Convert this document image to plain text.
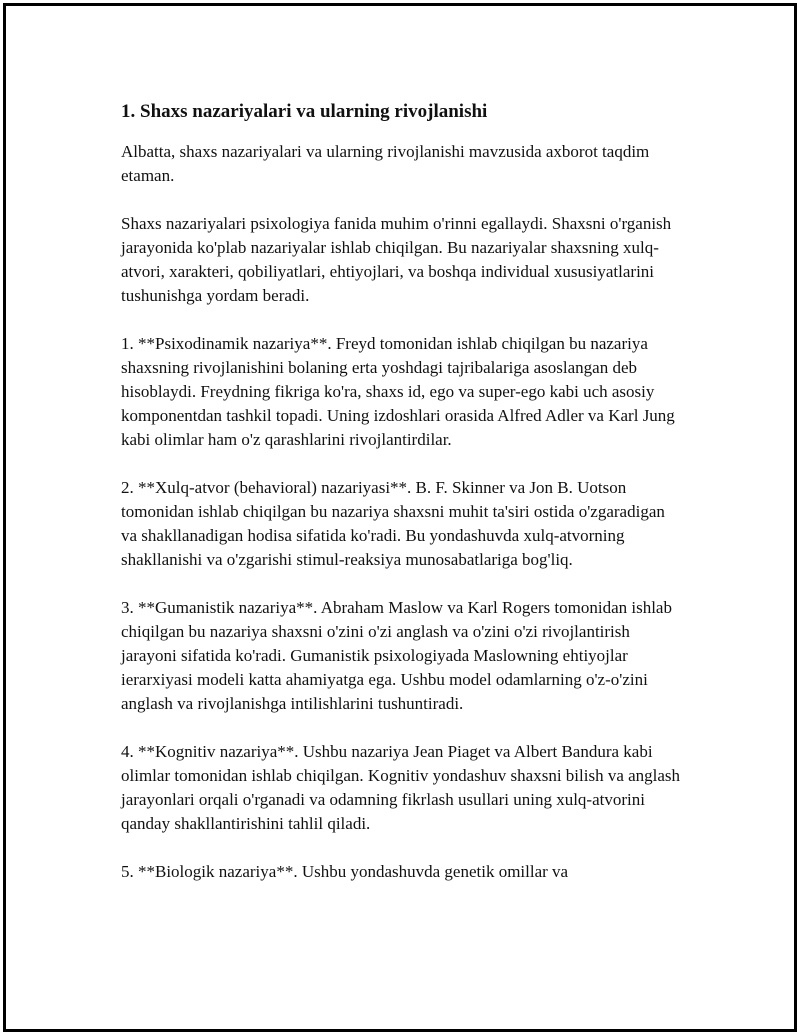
1. Shaxs nazariyalari va ularning rivojlanishi
Albatta, shaxs nazariyalari va ularning rivojlanishi mavzusida axborot taqdim etaman.
Shaxs nazariyalari psixologiya fanida muhim o'rinni egallaydi. Shaxsni o'rganish jarayonida ko'plab nazariyalar ishlab chiqilgan. Bu nazariyalar shaxsning xulq-atvori, xarakteri, qobiliyatlari, ehtiyojlari, va boshqa individual xususiyatlarini tushunishga yordam beradi.
1. **Psixodinamik nazariya**. Freyd tomonidan ishlab chiqilgan bu nazariya shaxsning rivojlanishini bolaning erta yoshdagi tajribalariga asoslangan deb hisoblaydi. Freydning fikriga ko'ra, shaxs id, ego va super-ego kabi uch asosiy komponentdan tashkil topadi. Uning izdoshlari orasida Alfred Adler va Karl Jung kabi olimlar ham o'z qarashlarini rivojlantirdilar.
2. **Xulq-atvor (behavioral) nazariyasi**. B. F. Skinner va Jon B. Uotson tomonidan ishlab chiqilgan bu nazariya shaxsni muhit ta'siri ostida o'zgaradigan va shakllanadigan hodisa sifatida ko'radi. Bu yondashuvda xulq-atvorning shakllanishi va o'zgarishi stimul-reaksiya munosabatlariga bog'liq.
3. **Gumanistik nazariya**. Abraham Maslow va Karl Rogers tomonidan ishlab chiqilgan bu nazariya shaxsni o'zini o'zi anglash va o'zini o'zi rivojlantirish jarayoni sifatida ko'radi. Gumanistik psixologiyada Maslowning ehtiyojlar ierarxiyasi modeli katta ahamiyatga ega. Ushbu model odamlarning o'z-o'zini anglash va rivojlanishga intilishlarini tushuntiradi.
4. **Kognitiv nazariya**. Ushbu nazariya Jean Piaget va Albert Bandura kabi olimlar tomonidan ishlab chiqilgan. Kognitiv yondashuv shaxsni bilish va anglash jarayonlari orqali o'rganadi va odamning fikrlash usullari uning xulq-atvorini qanday shakllantirishini tahlil qiladi.
5. **Biologik nazariya**. Ushbu yondashuvda genetik omillar va
